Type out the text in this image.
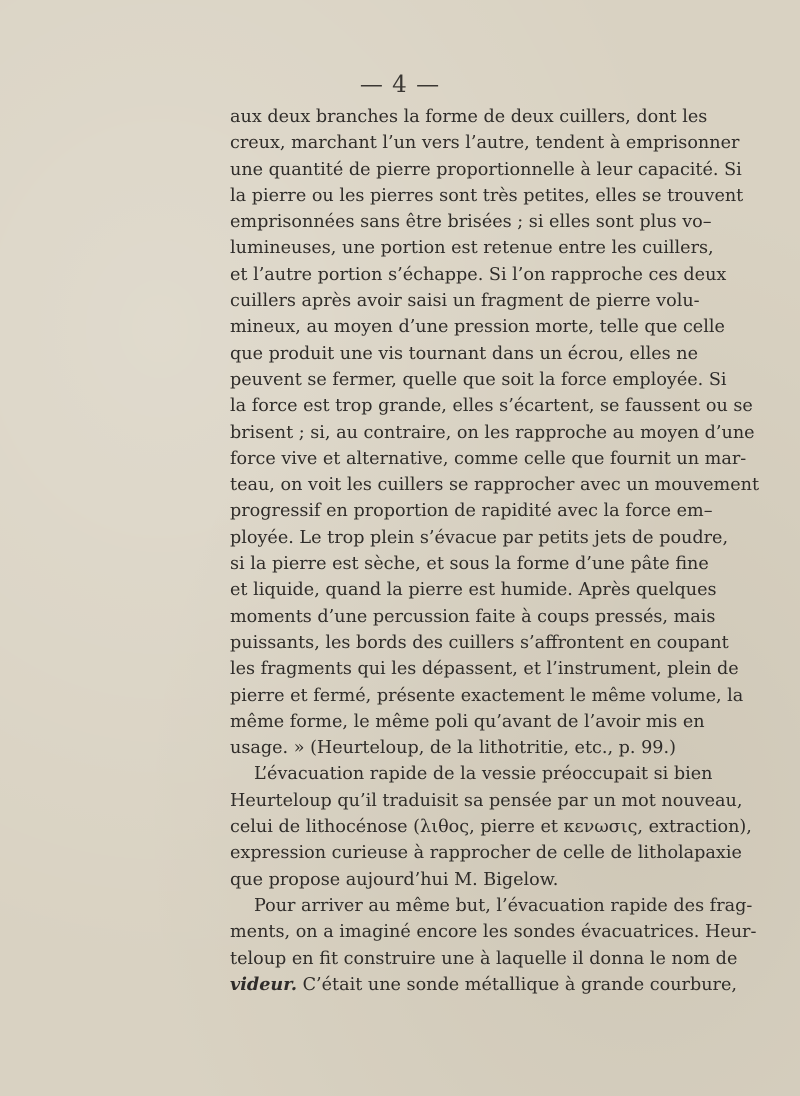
— 4 —
aux deux branches la forme de deux cuillers, dont les
creux, marchant l’un vers l’autre, tendent à emprisonner
une quantité de pierre proportionnelle à leur capacité. Si
la pierre ou les pierres sont très petites, elles se trouvent
emprisonnées sans être brisées ; si elles sont plus vo–
lumineuses, une portion est retenue entre les cuillers,
et l’autre portion s’échappe. Si l’on rapproche ces deux
cuillers après avoir saisi un fragment de pierre volu-
mineux, au moyen d’une pression morte, telle que celle
que produit une vis tournant dans un écrou, elles ne
peuvent se fermer, quelle que soit la force employée. Si
la force est trop grande, elles s’écartent, se faussent ou se
brisent ; si, au contraire, on les rapproche au moyen d’une
force vive et alternative, comme celle que fournit un mar-
teau, on voit les cuillers se rapprocher avec un mouvement
progressif en proportion de rapidité avec la force em–
ployée. Le trop plein s’évacue par petits jets de poudre,
si la pierre est sèche, et sous la forme d’une pâte fine
et liquide, quand la pierre est humide. Après quelques
moments d’une percussion faite à coups pressés, mais
puissants, les bords des cuillers s’affrontent en coupant
les fragments qui les dépassent, et l’instrument, plein de
pierre et fermé, présente exactement le même volume, la
même forme, le même poli qu’avant de l’avoir mis en
usage. » (Heurteloup, de la lithotritie, etc., p. 99.)
L’évacuation rapide de la vessie préoccupait si bien
Heurteloup qu’il traduisit sa pensée par un mot nouveau,
celui de lithocénose (λιθος, pierre et κενωσις, extraction),
expression curieuse à rapprocher de celle de litholapaxie
que propose aujourd’hui M. Bigelow.
Pour arriver au même but, l’évacuation rapide des frag-
ments, on a imaginé encore les sondes évacuatrices. Heur-
teloup en fit construire une à laquelle il donna le nom de
videur. C’était une sonde métallique à grande courbure,
